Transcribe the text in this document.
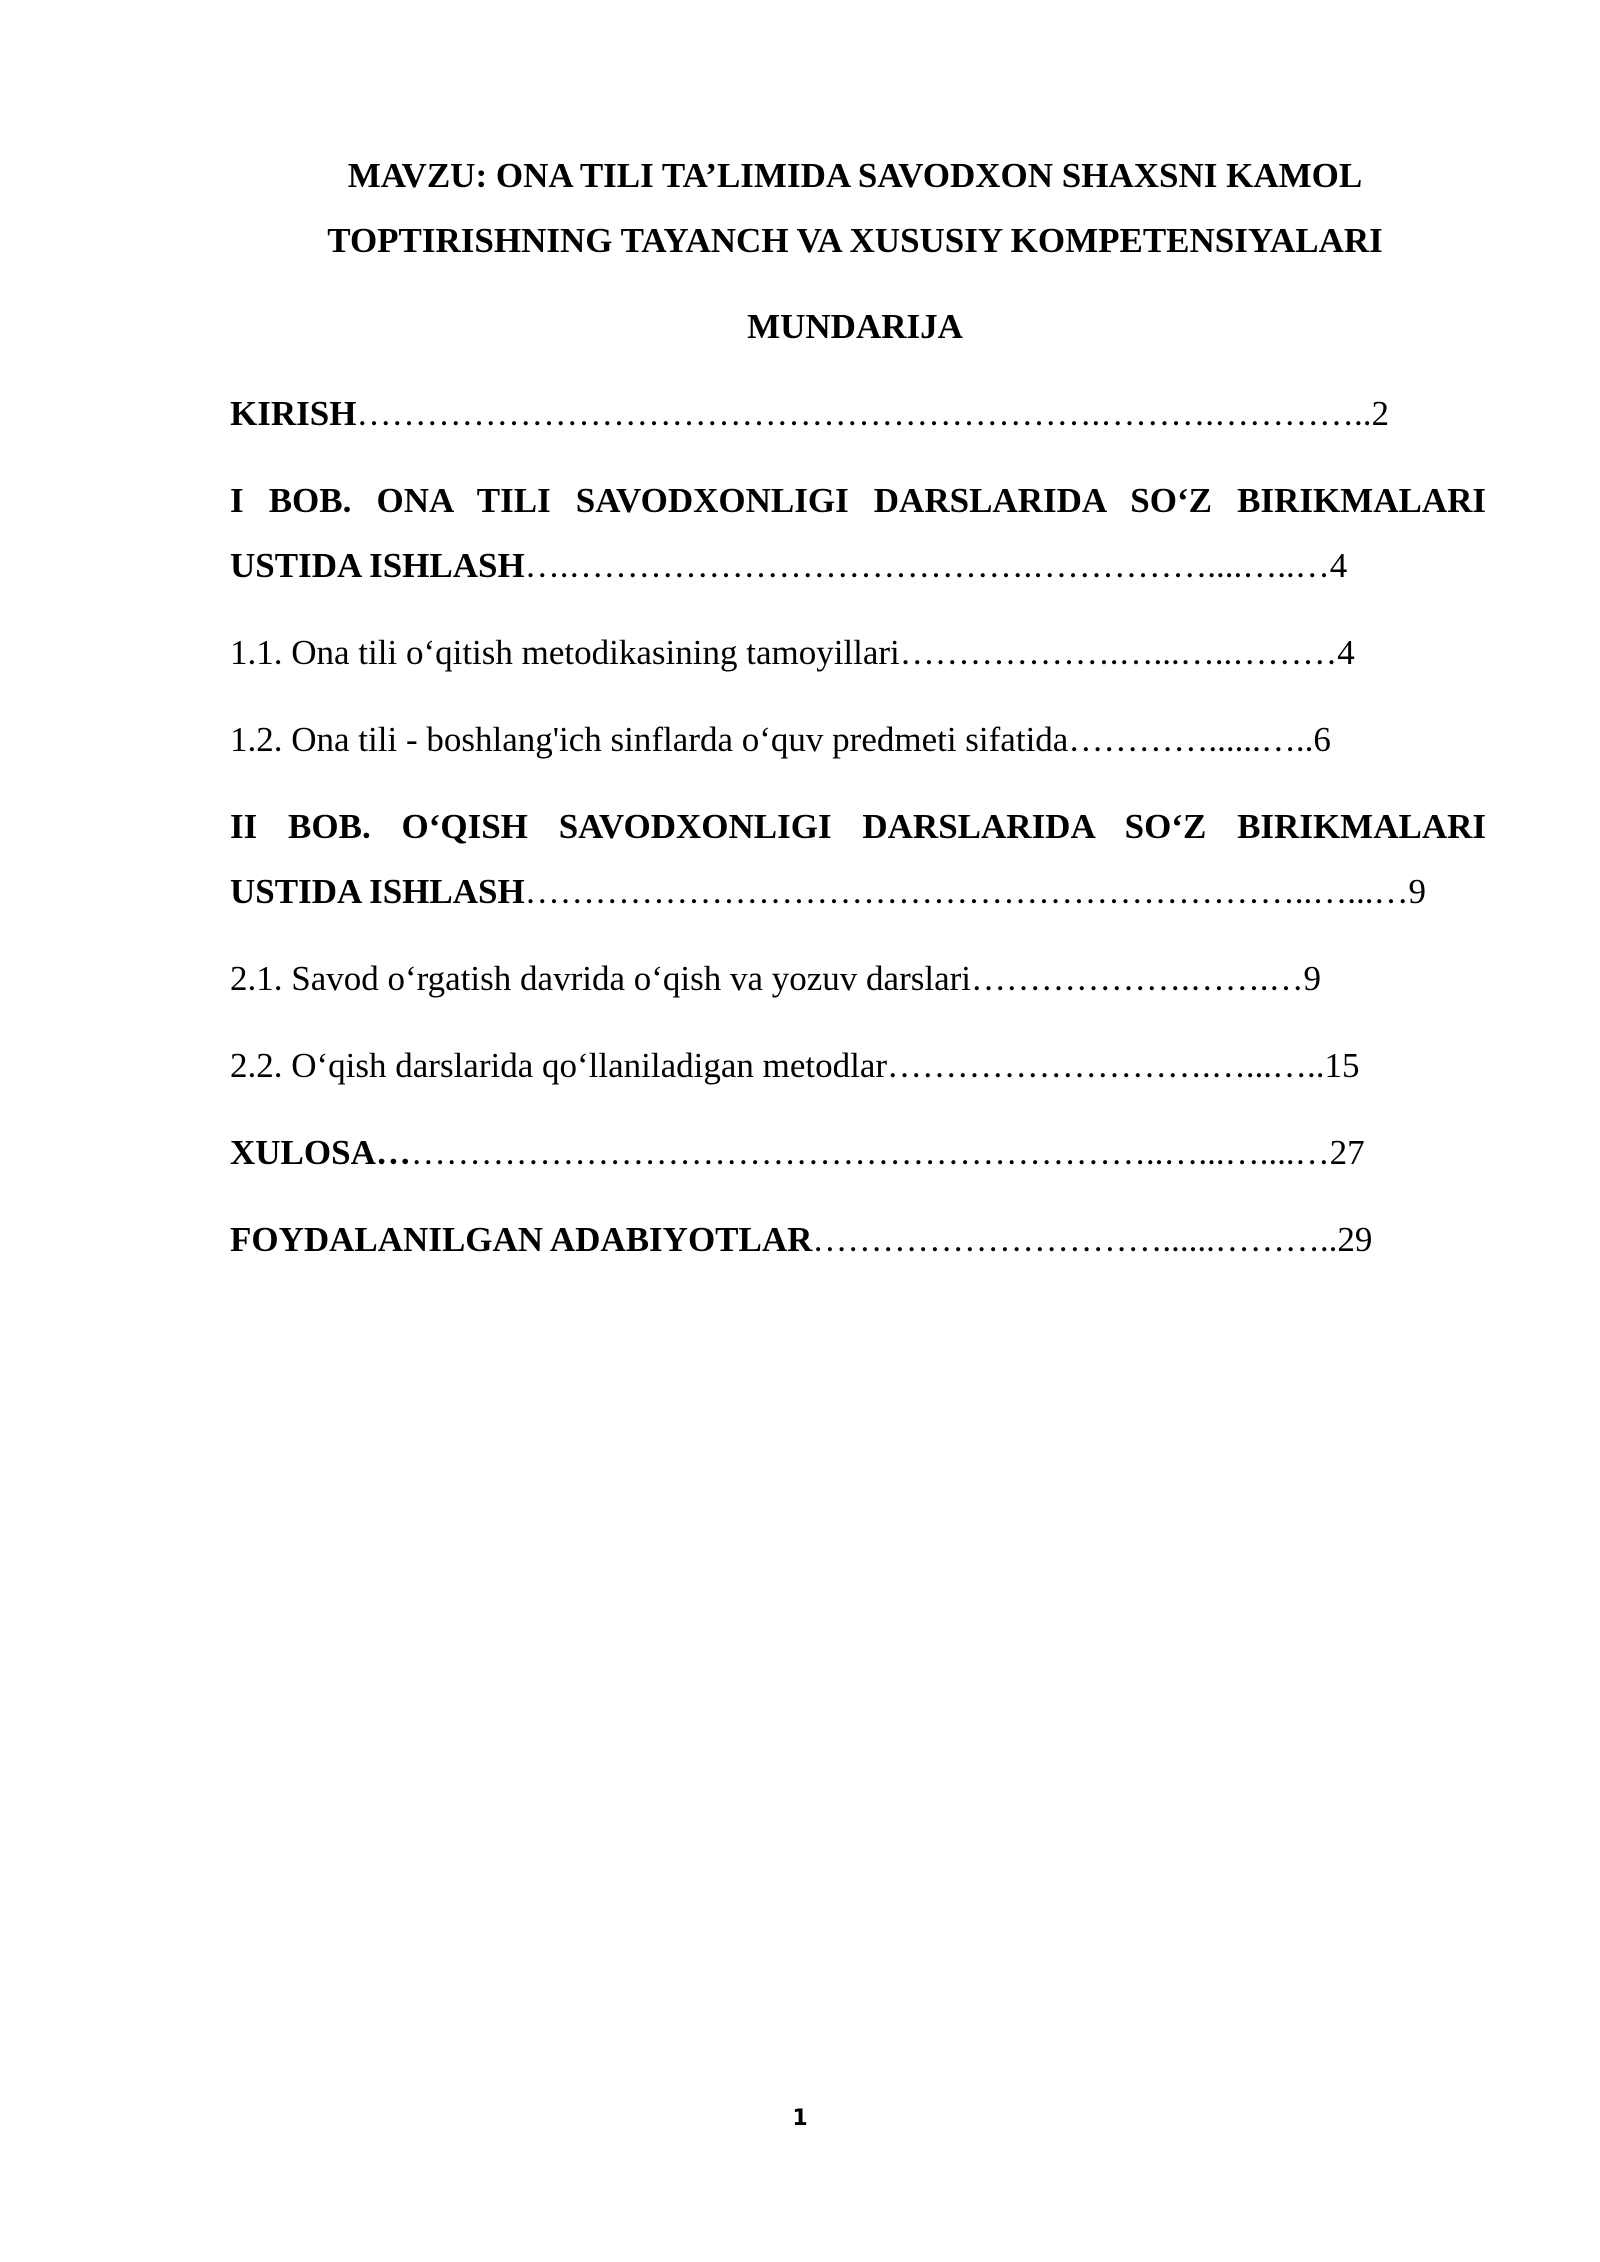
MAVZU: ONA TILI TA’LIMIDA SAVODXON SHAXSNI KAMOL
TOPTIRISHNING TAYANCH VA XUSUSIY KOMPETENSIYALARI
MUNDARIJA
KIRISH……………………………………………………….……….…………..2
I BOB. ONA TILI SAVODXONLIGI DARSLARIDA SO‘Z BIRIKMALARI
USTIDA ISHLASH….………………………………….……………....…..…4
1.1. Ona tili o‘qitish metodikasining tamoyillari……………….…...…..………4
1.2. Ona tili - boshlang'ich sinflarda o‘quv predmeti sifatida…………......…..6
II BOB. O‘QISH SAVODXONLIGI DARSLARIDA SO‘Z BIRIKMALARI
USTIDA ISHLASH…………………………………………………………..…...…9
2.1. Savod o‘rgatish davrida o‘qish va yozuv darslari……………….…….…9
2.2. O‘qish darslarida qo‘llaniladigan metodlar……………………….…...…..15
XULOSA…………………………………………………………..…...…....…27
FOYDALANILGAN ADABIYOTLAR…………………………......………..29
1
